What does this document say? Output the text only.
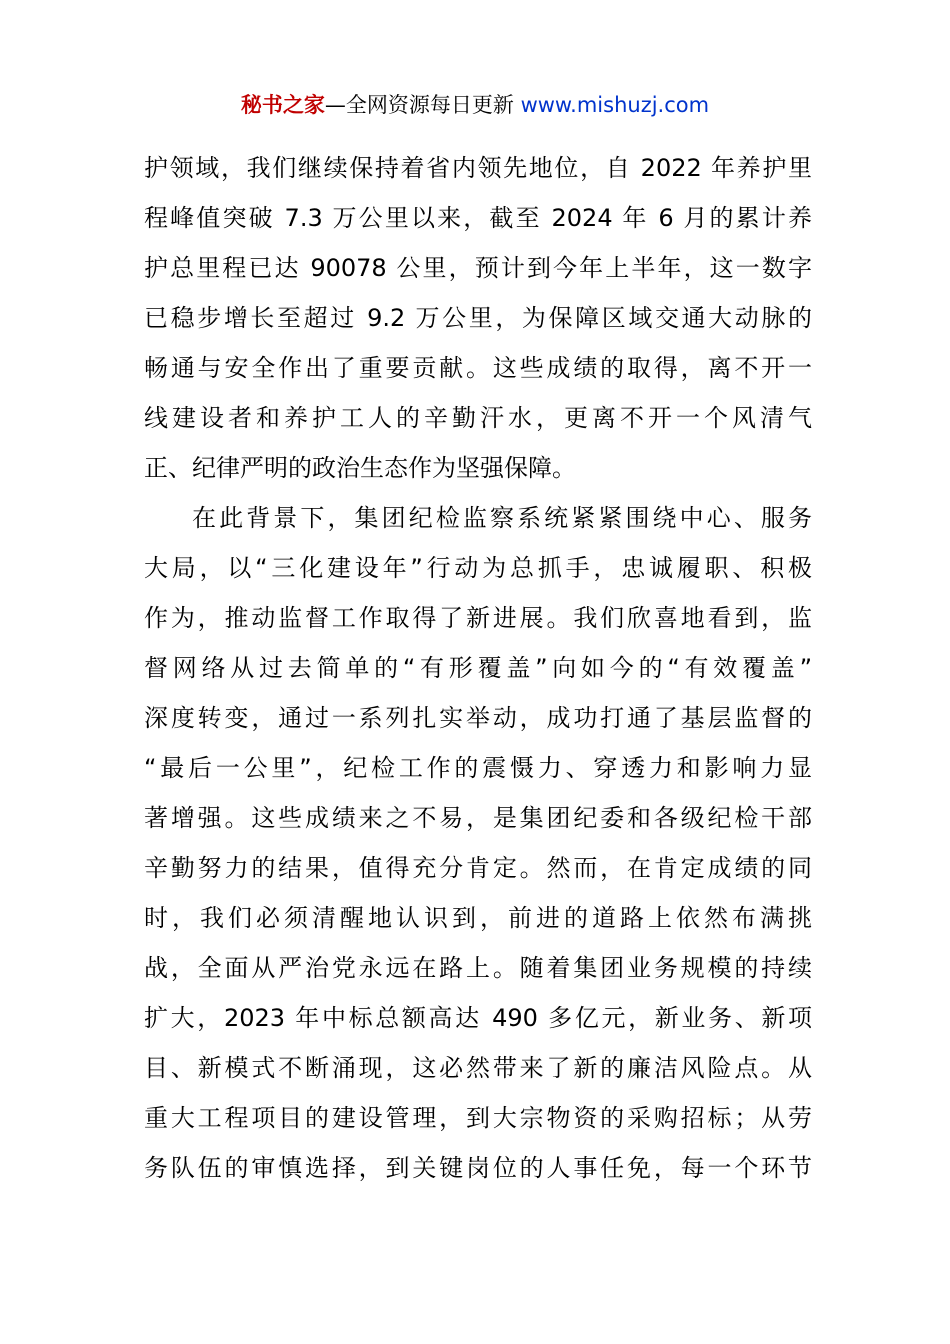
秘书之家—全网资源每日更新 www.mishuzj.com
护领域，我们继续保持着省内领先地位，自 2022 年养护里
程峰值突破 7.3 万公里以来，截至 2024 年 6 月的累计养
护总里程已达 90078 公里，预计到今年上半年，这一数字
已稳步增长至超过 9.2 万公里，为保障区域交通大动脉的
畅通与安全作出了重要贡献。这些成绩的取得，离不开一
线建设者和养护工人的辛勤汗水，更离不开一个风清气
正、纪律严明的政治生态作为坚强保障。
在此背景下，集团纪检监察系统紧紧围绕中心、服务
大局，以“三化建设年”行动为总抓手，忠诚履职、积极
作为，推动监督工作取得了新进展。我们欣喜地看到，监
督网络从过去简单的“有形覆盖”向如今的“有效覆盖”
深度转变，通过一系列扎实举动，成功打通了基层监督的
“最后一公里”，纪检工作的震慑力、穿透力和影响力显
著增强。这些成绩来之不易，是集团纪委和各级纪检干部
辛勤努力的结果，值得充分肯定。然而，在肯定成绩的同
时，我们必须清醒地认识到，前进的道路上依然布满挑
战，全面从严治党永远在路上。随着集团业务规模的持续
扩大，2023 年中标总额高达 490 多亿元，新业务、新项
目、新模式不断涌现，这必然带来了新的廉洁风险点。从
重大工程项目的建设管理，到大宗物资的采购招标；从劳
务队伍的审慎选择，到关键岗位的人事任免，每一个环节
